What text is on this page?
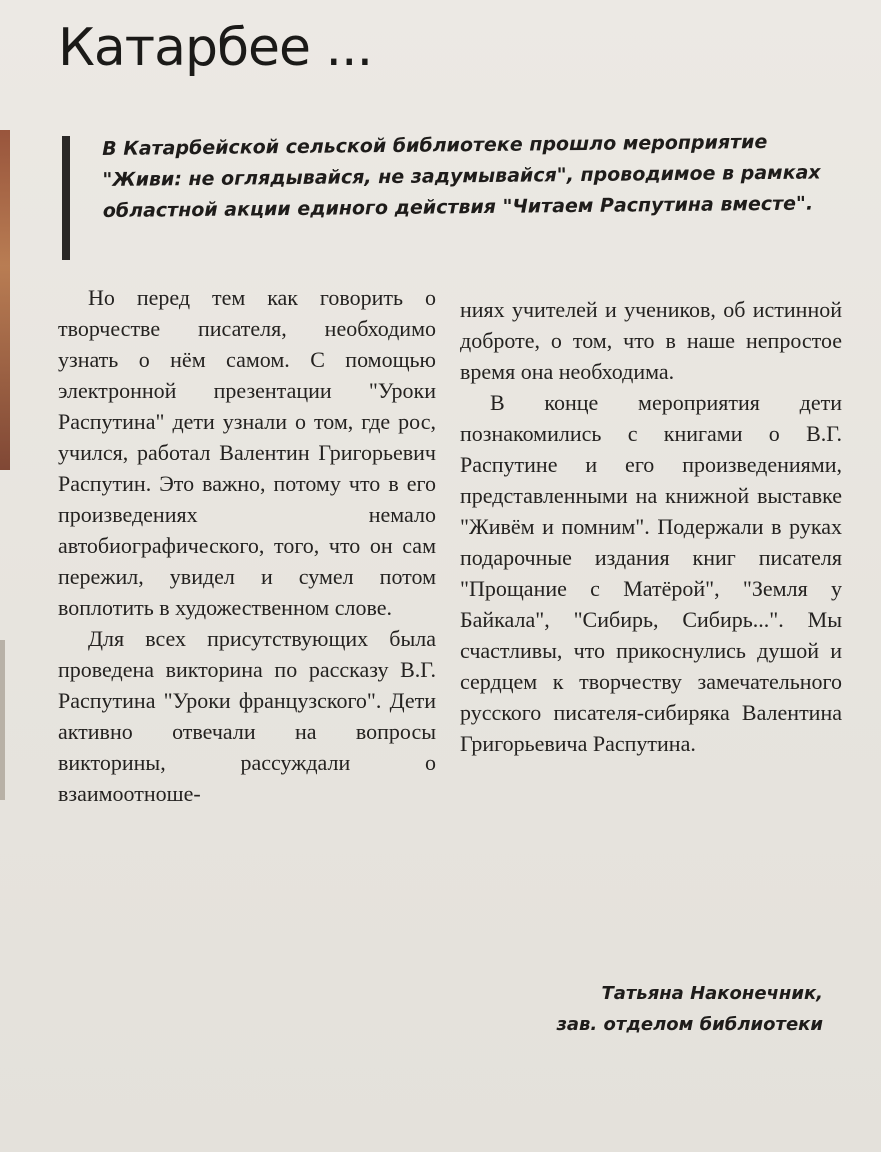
Катарбее ...

В Катарбейской сельской библиотеке прошло мероприятие "Живи: не оглядывайся, не задумывайся", проводимое в рамках областной акции единого действия "Читаем Распутина вместе".

Но перед тем как говорить о творчестве писателя, необходимо узнать о нём самом. С помощью электронной презентации "Уроки Распутина" дети узнали о том, где рос, учился, работал Валентин Григорьевич Распутин. Это важно, потому что в его произведениях немало автобиографического, того, что он сам пережил, увидел и сумел потом воплотить в художественном слове.

Для всех присутствующих была проведена викторина по рассказу В.Г. Распутина "Уроки французского". Дети активно отвечали на вопросы викторины, рассуждали о взаимоотноше-

ниях учителей и учеников, об истинной доброте, о том, что в наше непростое время она необходима.

В конце мероприятия дети познакомились с книгами о В.Г. Распутине и его произведениями, представленными на книжной выставке "Живём и помним". Подержали в руках подарочные издания книг писателя "Прощание с Матёрой", "Земля у Байкала", "Сибирь, Сибирь...". Мы счастливы, что прикоснулись душой и сердцем к творчеству замечательного русского писателя-сибиряка Валентина Григорьевича Распутина.

Татьяна Наконечник,
зав. отделом библиотеки
